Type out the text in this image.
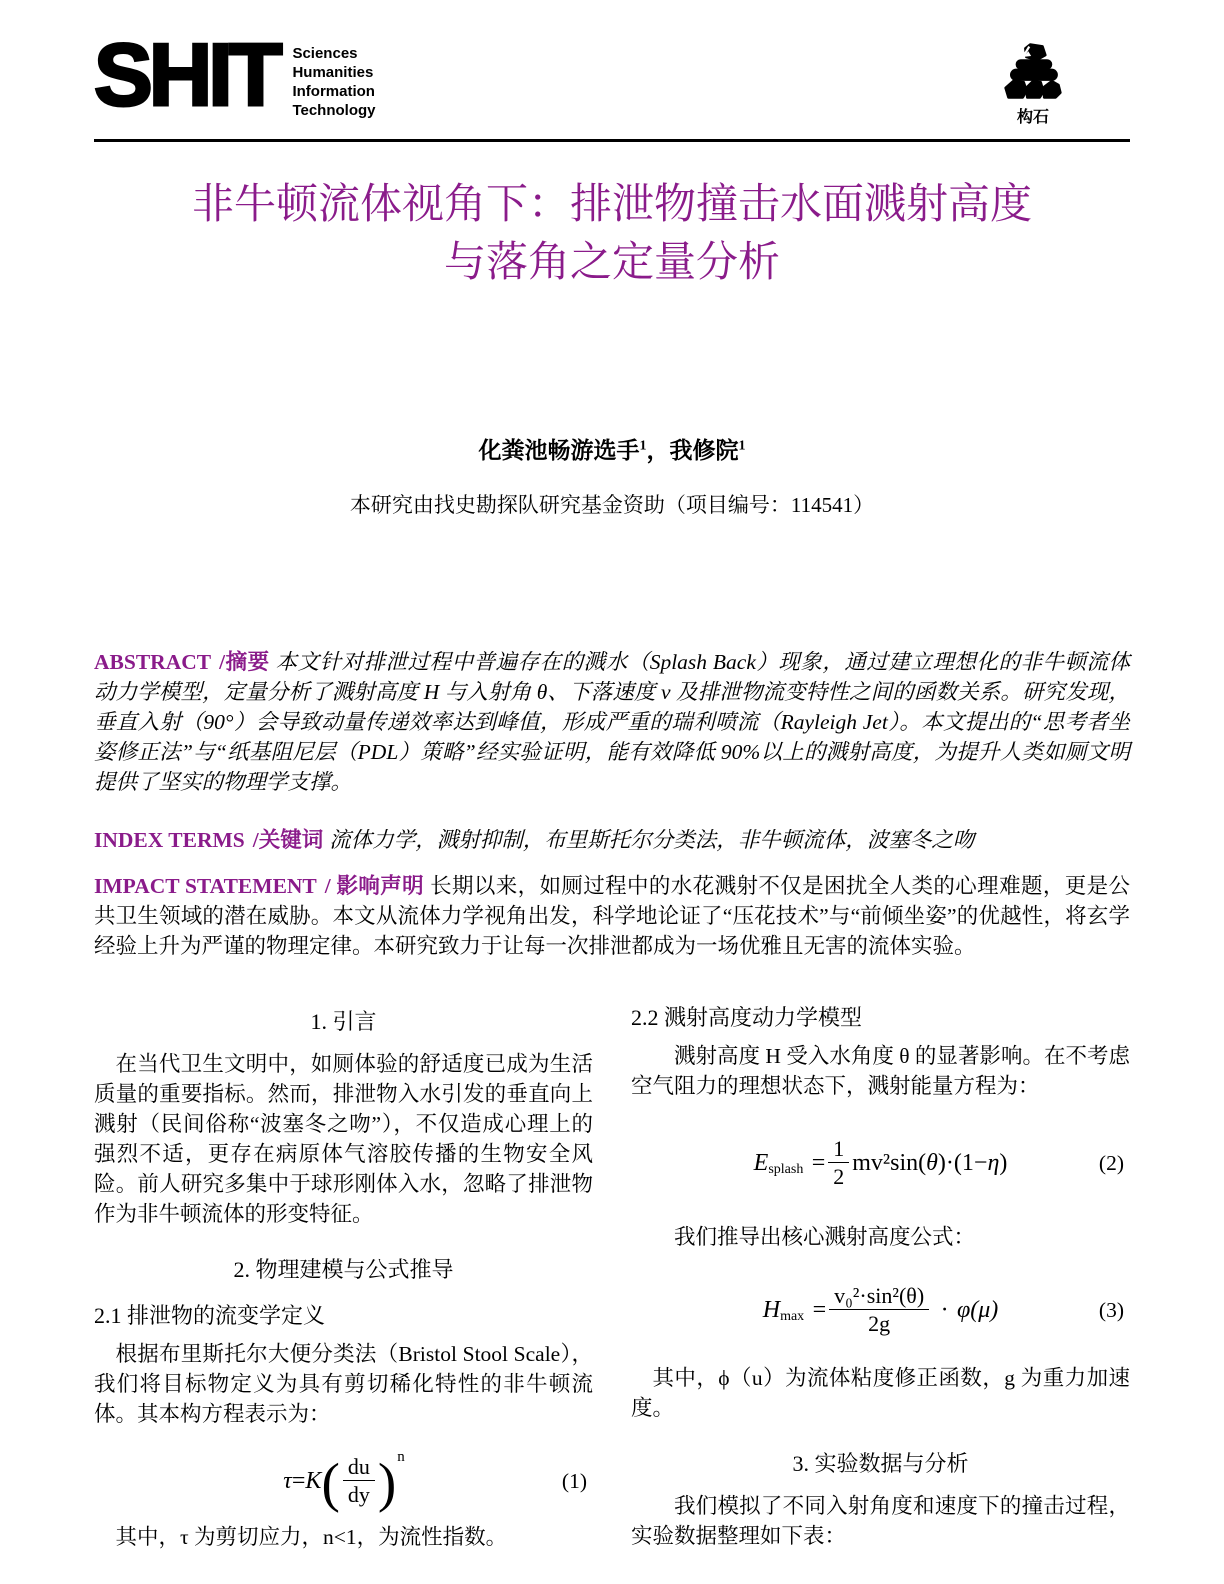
SHIT Sciences
Humanities
Information
Technology	构石
非牛顿流体视角下：排泄物撞击水面溅射高度
与落角之定量分析
化粪池畅游选手$^1$，我修院$^1$
本研究由找史勘探队研究基金资助（项目编号：114541）

ABSTRACT /摘要 本文针对排泄过程中普遍存在的溅水（Splash Back）现象，通过建立理想化的非牛顿流体动力学模型，定量分析了溅射高度 H 与入射角 θ、下落速度 v 及排泄物流变特性之间的函数关系。研究发现，垂直入射（90°）会导致动量传递效率达到峰值，形成严重的瑞利喷流（Rayleigh Jet）。本文提出的“思考者坐姿修正法”与“纸基阻尼层（PDL）策略”经实验证明，能有效降低 90%以上的溅射高度，为提升人类如厕文明提供了坚实的物理学支撑。

INDEX TERMS /关键词 流体力学，溅射抑制，布里斯托尔分类法，非牛顿流体，波塞冬之吻

IMPACT STATEMENT / 影响声明 长期以来，如厕过程中的水花溅射不仅是困扰全人类的心理难题，更是公共卫生领域的潜在威胁。本文从流体力学视角出发，科学地论证了“压花技术”与“前倾坐姿”的优越性，将玄学经验上升为严谨的物理定律。本研究致力于让每一次排泄都成为一场优雅且无害的流体实验。

1. 引言

在当代卫生文明中，如厕体验的舒适度已成为生活质量的重要指标。然而，排泄物入水引发的垂直向上溅射（民间俗称“波塞冬之吻”），不仅造成心理上的强烈不适，更存在病原体气溶胶传播的生物安全风险。前人研究多集中于球形刚体入水，忽略了排泄物作为非牛顿流体的形变特征。

2. 物理建模与公式推导
2.1 排泄物的流变学定义

根据布里斯托尔大便分类法（Bristol Stool Scale），我们将目标物定义为具有剪切稀化特性的非牛顿流体。其本构方程表示为：

τ = K ( $\frac{du}{dy}$ ) n
(1)

其中，τ 为剪切应力，n<1，为流性指数。

2.2 溅射高度动力学模型

溅射高度 H 受入水角度 θ 的显著影响。在不考虑空气阻力的理想状态下，溅射能量方程为：

E splash = $\frac{1}{2} mv^2\sin$( θ )·(1− η )	(2)

我们推导出核心溅射高度公式：

H $\max = \frac{\text{v₀²·sin²(θ)}}{2g} \cdot \varphi(\mu)$	(3)

其中，ϕ（u）为流体粘度修正函数，g 为重力加速度。

3. 实验数据与分析

我们模拟了不同入射角度和速度下的撞击过程，实验数据整理如下表：
